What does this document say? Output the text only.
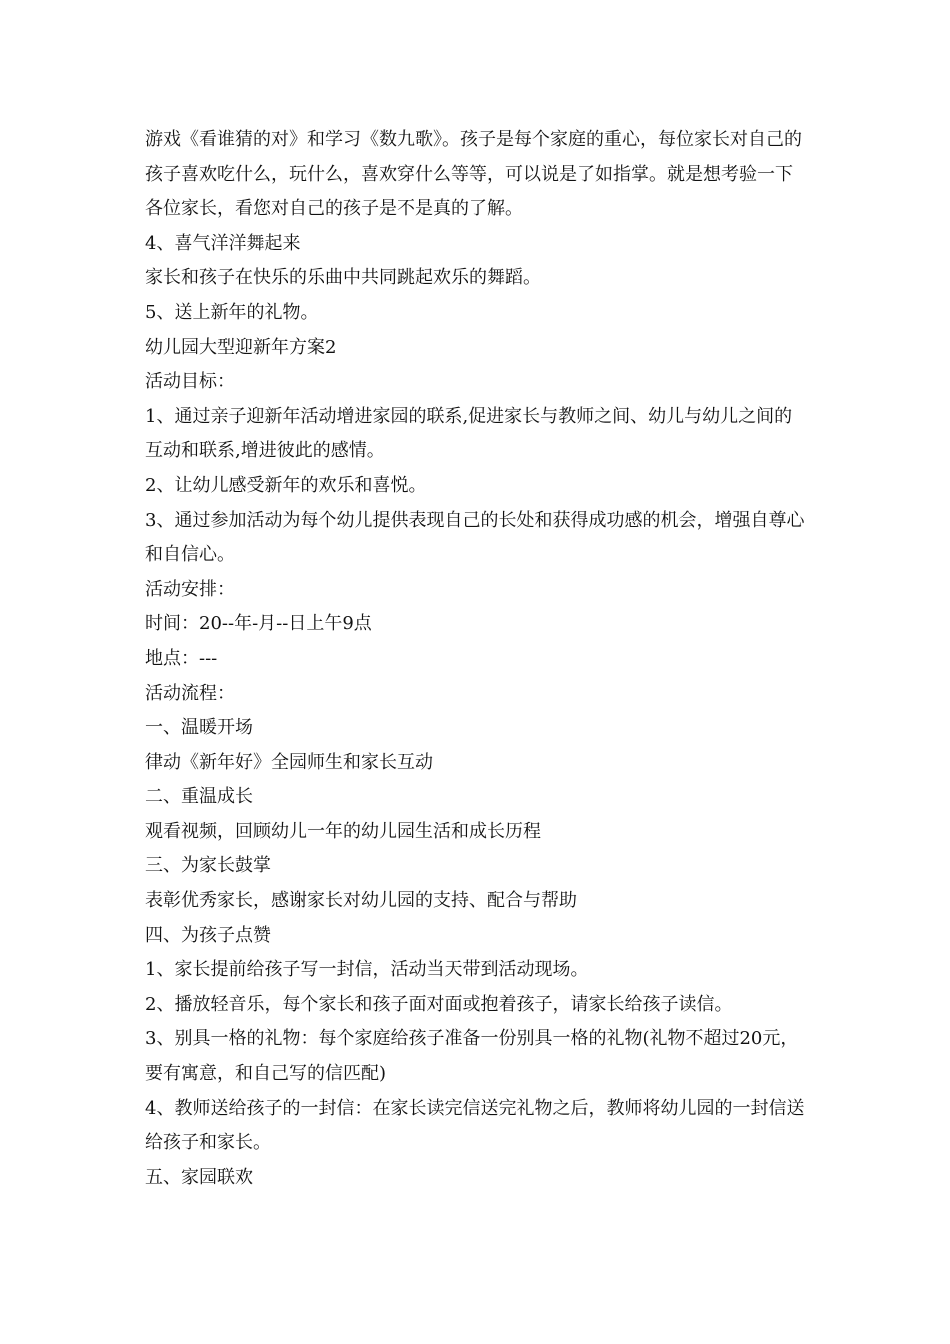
游戏《看谁猜的对》和学习《数九歌》。孩子是每个家庭的重心，每位家长对自己的孩子喜欢吃什么，玩什么，喜欢穿什么等等，可以说是了如指掌。就是想考验一下各位家长，看您对自己的孩子是不是真的了解。

4、喜气洋洋舞起来

家长和孩子在快乐的乐曲中共同跳起欢乐的舞蹈。

5、送上新年的礼物。

幼儿园大型迎新年方案2

活动目标：

1、通过亲子迎新年活动增进家园的联系,促进家长与教师之间、幼儿与幼儿之间的互动和联系,增进彼此的感情。

2、让幼儿感受新年的欢乐和喜悦。

3、通过参加活动为每个幼儿提供表现自己的长处和获得成功感的机会，增强自尊心和自信心。

活动安排：

时间：20--年-月--日上午9点

地点：---

活动流程：

一、温暖开场

律动《新年好》全园师生和家长互动

二、重温成长

观看视频，回顾幼儿一年的幼儿园生活和成长历程

三、为家长鼓掌

表彰优秀家长，感谢家长对幼儿园的支持、配合与帮助

四、为孩子点赞

1、家长提前给孩子写一封信，活动当天带到活动现场。

2、播放轻音乐，每个家长和孩子面对面或抱着孩子，请家长给孩子读信。

3、别具一格的礼物：每个家庭给孩子准备一份别具一格的礼物(礼物不超过20元，要有寓意，和自己写的信匹配)

4、教师送给孩子的一封信：在家长读完信送完礼物之后，教师将幼儿园的一封信送给孩子和家长。

五、家园联欢
